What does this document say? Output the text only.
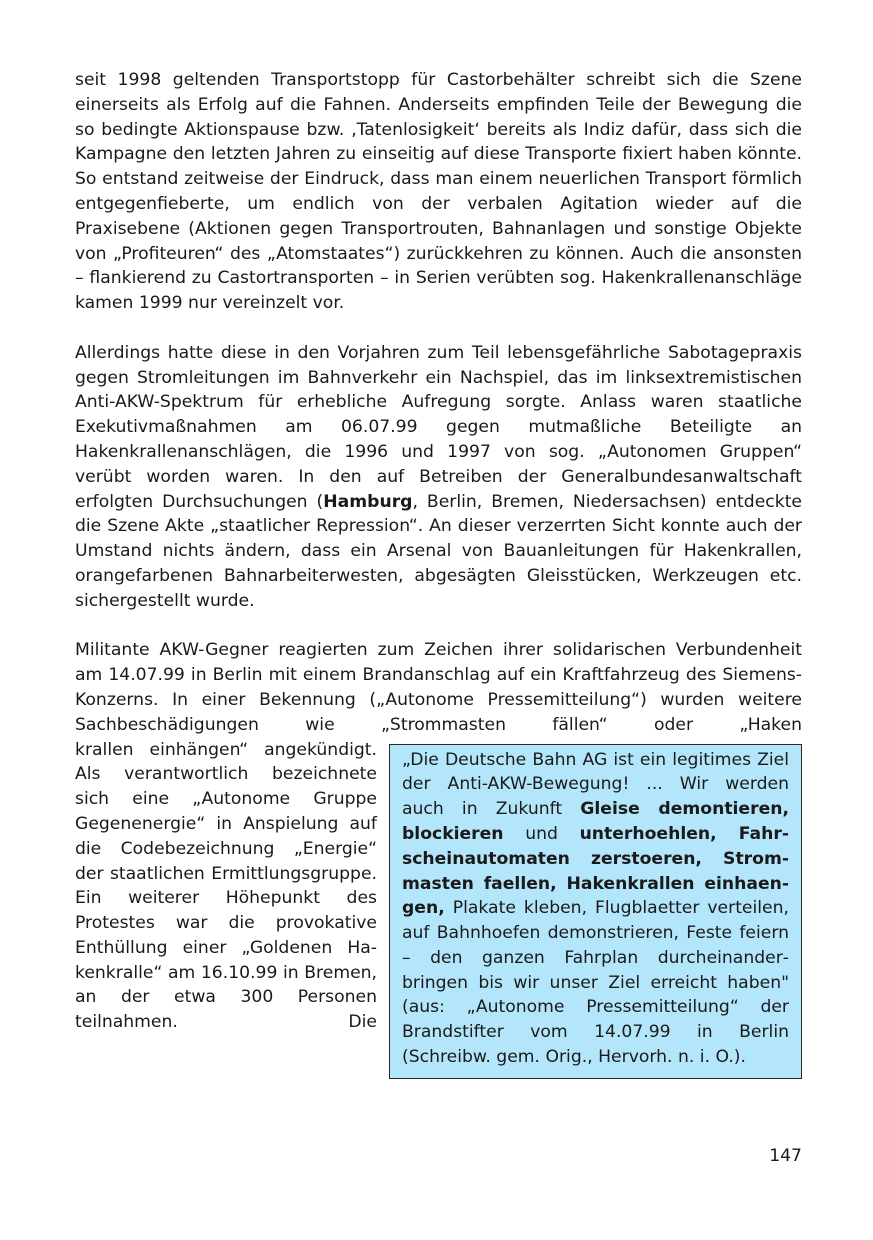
seit 1998 geltenden Transportstopp für Castorbehälter schreibt sich die Szene einerseits als Erfolg auf die Fahnen. Anderseits empfinden Teile der Bewegung die so bedingte Aktionspause bzw. ‚Tatenlosigkeit‘ bereits als Indiz dafür, dass sich die Kampagne den letzten Jahren zu einseitig auf diese Transporte fixiert haben könnte. So entstand zeitweise der Eindruck, dass man einem neuerlichen Transport förmlich entgegenfieberte, um endlich von der verbalen Agitation wieder auf die Praxisebene (Aktionen gegen Transportrouten, Bahnanlagen und sonstige Objekte von „Profiteuren“ des „Atomstaates“) zurückkehren zu können. Auch die ansonsten – flankierend zu Castortransporten – in Serien verübten sog. Hakenkrallenanschläge kamen 1999 nur vereinzelt vor.

Allerdings hatte diese in den Vorjahren zum Teil lebensgefährliche Sabotagepraxis gegen Stromleitungen im Bahnverkehr ein Nachspiel, das im linksextremistischen Anti-AKW-Spektrum für erhebliche Aufregung sorgte. Anlass waren staatliche Exekutivmaßnahmen am 06.07.99 gegen mutmaßliche Beteiligte an Hakenkrallenanschlägen, die 1996 und 1997 von sog. „Autonomen Gruppen“ verübt worden waren. In den auf Betreiben der Generalbundesanwaltschaft erfolgten Durchsuchungen (Hamburg, Berlin, Bremen, Niedersachsen) entdeckte die Szene Akte „staatlicher Repression“. An dieser verzerrten Sicht konnte auch der Umstand nichts ändern, dass ein Arsenal von Bauanleitungen für Hakenkrallen, orangefarbenen Bahnarbeiterwesten, abgesägten Gleisstücken, Werkzeugen etc. sichergestellt wurde.

Militante AKW-Gegner reagierten zum Zeichen ihrer solidarischen Verbundenheit am 14.07.99 in Berlin mit einem Brandanschlag auf ein Kraftfahrzeug des Siemens-Konzerns. In einer Bekennung („Autonome Pressemitteilung“) wurden weitere Sachbeschädigungen wie „Strommasten fällen“ oder „Haken

„Die Deutsche Bahn AG ist ein legitimes Ziel der Anti-AKW-Bewegung! ... Wir werden auch in Zukunft Gleise demontieren, blockieren und unterhoehlen, Fahrscheinautomaten zerstoeren, Strommasten faellen, Hakenkrallen einhaengen, Plakate kleben, Flugblaetter verteilen, auf Bahnhoefen demonstrieren, Feste feiern – den ganzen Fahrplan durcheinanderbringen bis wir unser Ziel erreicht haben" (aus: „Autonome Pressemitteilung“ der Brandstifter vom 14.07.99 in Berlin (Schreibw. gem. Orig., Hervorh. n. i. O.).

krallen einhängen“ angekündigt. Als verantwortlich bezeichnete sich eine „Autonome Gruppe Gegenenergie“ in Anspielung auf die Codebezeichnung „Energie“ der staatlichen Ermittlungsgruppe. Ein weiterer Höhepunkt des Protestes war die provokative Enthüllung einer „Goldenen Hakenkralle“ am 16.10.99 in Bremen, an der etwa 300 Personen teilnahmen. Die

147
